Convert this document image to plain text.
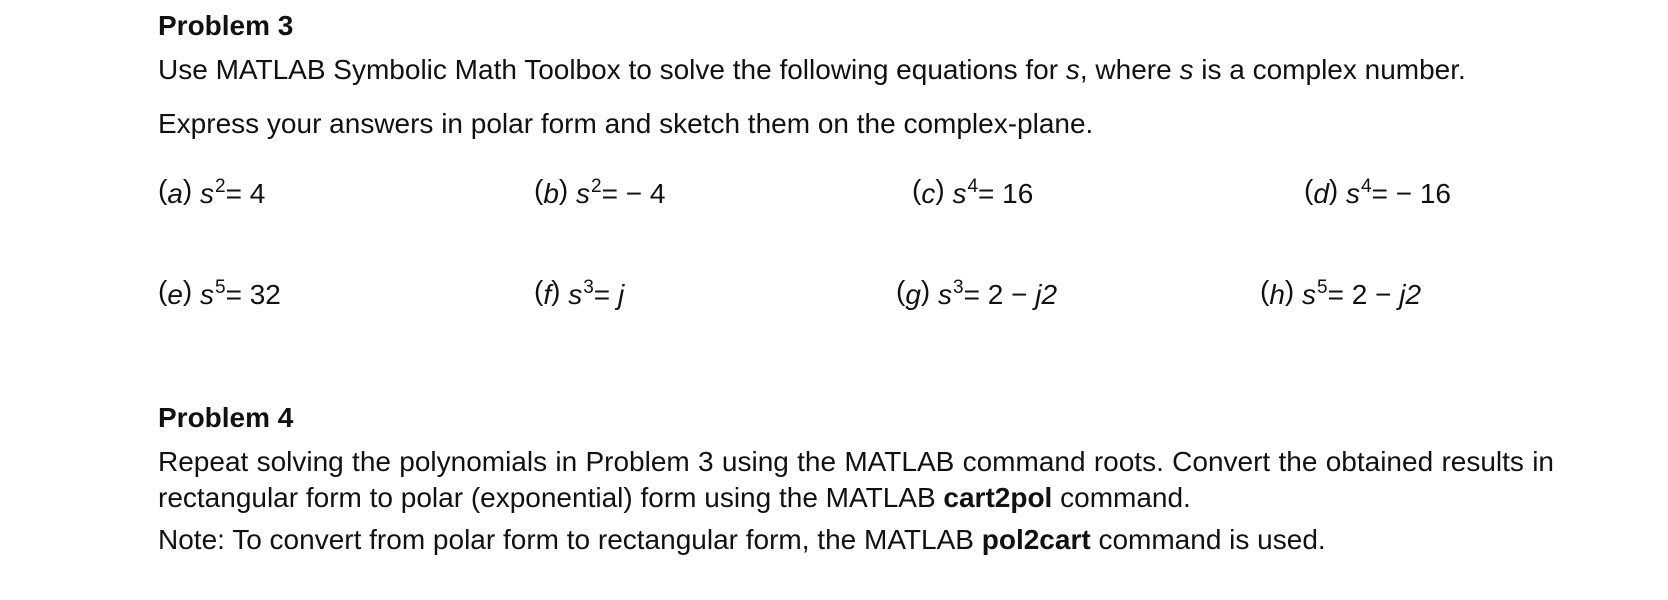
Problem 3

Use MATLAB Symbolic Math Toolbox to solve the following equations for s, where s is a complex number.

Express your answers in polar form and sketch them on the complex-plane.

(a) $s^2= 4$	(b) $s^2= - 4$	(c) $s^4= 16$	(d) $s^4= - 16$
(e) $s^5= 32$	(f) $s^3= j$	(g) $s^3= 2 - j2$	(h) $s^5= 2 - j2$
Problem 4

Repeat solving the polynomials in Problem 3 using the MATLAB command roots. Convert the obtained results in rectangular form to polar (exponential) form using the MATLAB cart2pol command.

Note: To convert from polar form to rectangular form, the MATLAB pol2cart command is used.
